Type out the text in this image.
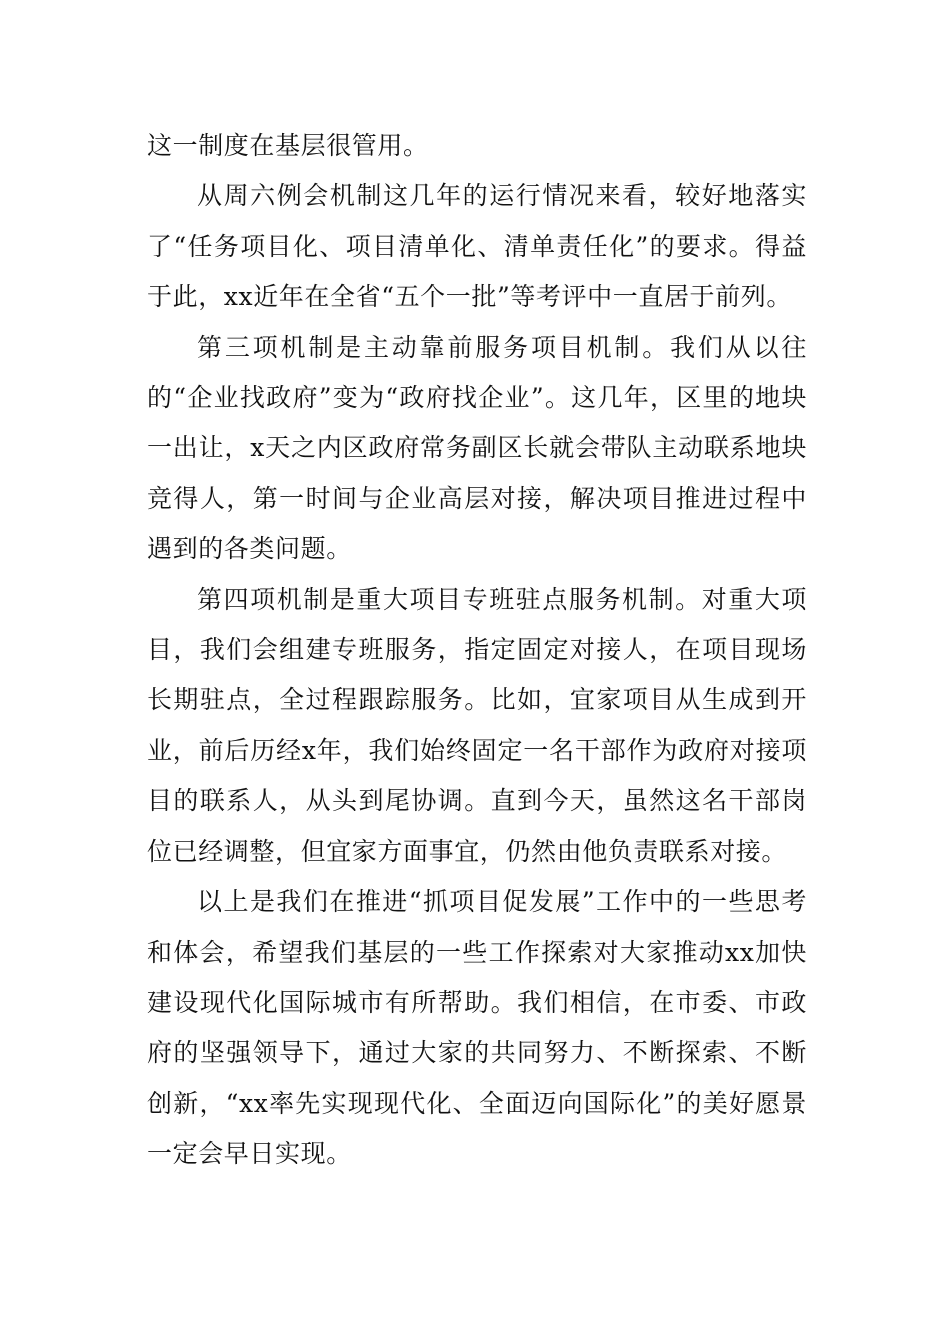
这一制度在基层很管用。

从周六例会机制这几年的运行情况来看，较好地落实了“任务项目化、项目清单化、清单责任化”的要求。得益于此，xx近年在全省“五个一批”等考评中一直居于前列。

第三项机制是主动靠前服务项目机制。我们从以往的“企业找政府”变为“政府找企业”。这几年，区里的地块一出让，x天之内区政府常务副区长就会带队主动联系地块竞得人，第一时间与企业高层对接，解决项目推进过程中遇到的各类问题。

第四项机制是重大项目专班驻点服务机制。对重大项目，我们会组建专班服务，指定固定对接人，在项目现场长期驻点，全过程跟踪服务。比如，宜家项目从生成到开业，前后历经x年，我们始终固定一名干部作为政府对接项目的联系人，从头到尾协调。直到今天，虽然这名干部岗位已经调整，但宜家方面事宜，仍然由他负责联系对接。

以上是我们在推进“抓项目促发展”工作中的一些思考和体会，希望我们基层的一些工作探索对大家推动xx加快建设现代化国际城市有所帮助。我们相信，在市委、市政府的坚强领导下，通过大家的共同努力、不断探索、不断创新，“xx率先实现现代化、全面迈向国际化”的美好愿景一定会早日实现。
